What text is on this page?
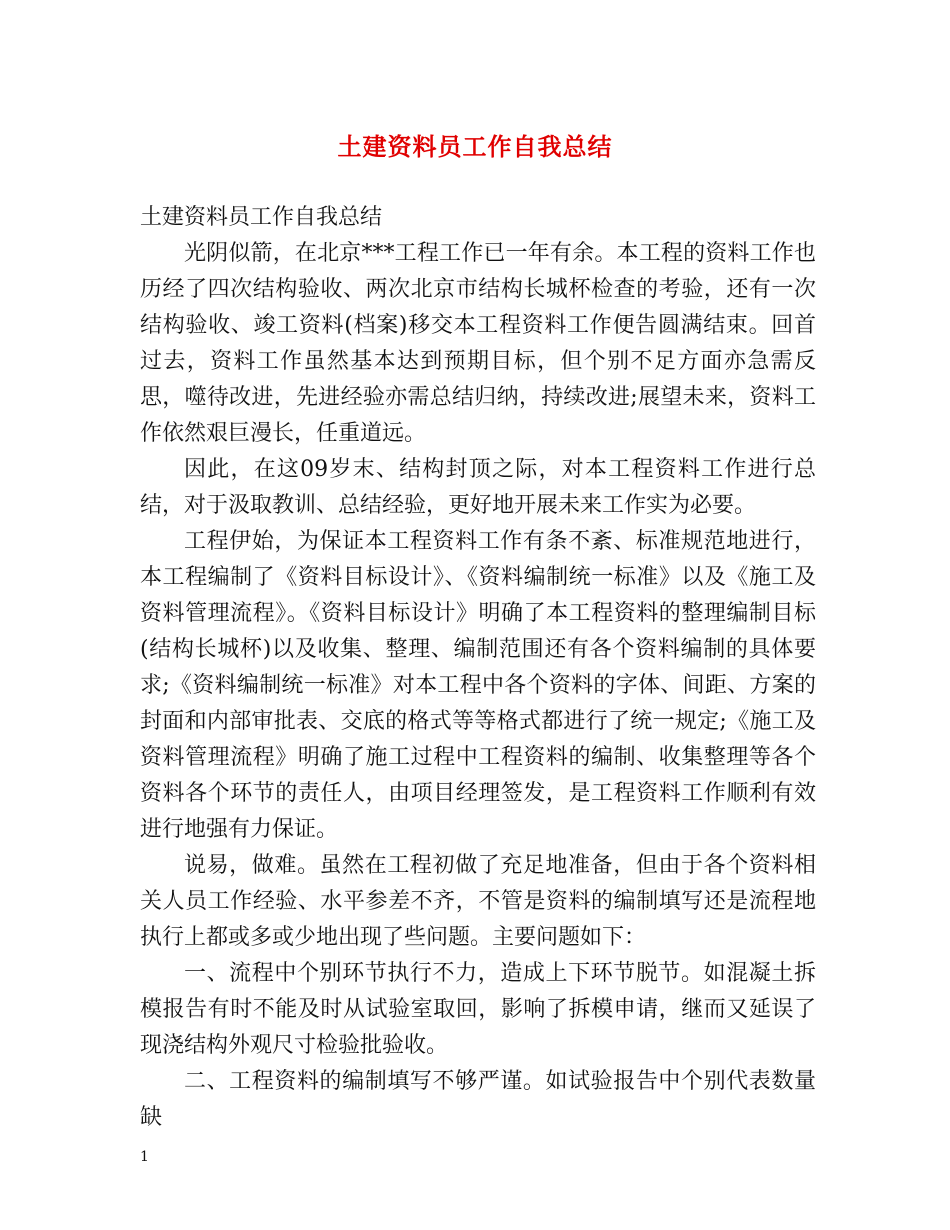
土建资料员工作自我总结

土建资料员工作自我总结

光阴似箭，在北京***工程工作已一年有余。本工程的资料工作也历经了四次结构验收、两次北京市结构长城杯检查的考验，还有一次结构验收、竣工资料(档案)移交本工程资料工作便告圆满结束。回首过去，资料工作虽然基本达到预期目标，但个别不足方面亦急需反思，噬待改进，先进经验亦需总结归纳，持续改进;展望未来，资料工作依然艰巨漫长，任重道远。

因此，在这09岁末、结构封顶之际，对本工程资料工作进行总结，对于汲取教训、总结经验，更好地开展未来工作实为必要。

工程伊始，为保证本工程资料工作有条不紊、标准规范地进行，本工程编制了《资料目标设计》、《资料编制统一标准》以及《施工及资料管理流程》。《资料目标设计》明确了本工程资料的整理编制目标(结构长城杯)以及收集、整理、编制范围还有各个资料编制的具体要求;《资料编制统一标准》对本工程中各个资料的字体、间距、方案的封面和内部审批表、交底的格式等等格式都进行了统一规定;《施工及资料管理流程》明确了施工过程中工程资料的编制、收集整理等各个资料各个环节的责任人，由项目经理签发，是工程资料工作顺利有效进行地强有力保证。

说易，做难。虽然在工程初做了充足地准备，但由于各个资料相关人员工作经验、水平参差不齐，不管是资料的编制填写还是流程地执行上都或多或少地出现了些问题。主要问题如下：

一、流程中个别环节执行不力，造成上下环节脱节。如混凝土拆模报告有时不能及时从试验室取回，影响了拆模申请，继而又延误了现浇结构外观尺寸检验批验收。

二、工程资料的编制填写不够严谨。如试验报告中个别代表数量缺

1
